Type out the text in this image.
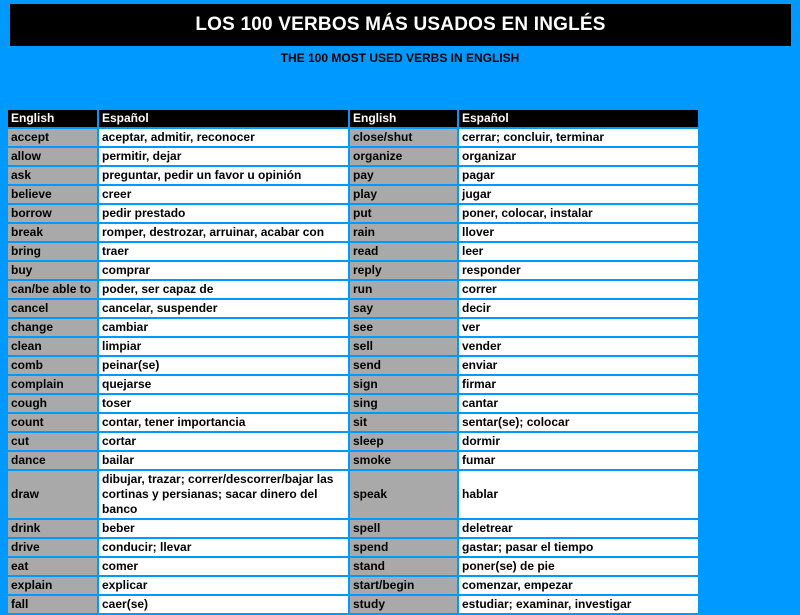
LOS 100 VERBOS MÁS USADOS EN INGLÉS
THE 100 MOST USED VERBS IN ENGLISH
English	Español	English	Español
accept	aceptar, admitir, reconocer	close/shut	cerrar; concluir, terminar
allow	permitir, dejar	organize	organizar
ask	preguntar, pedir un favor u opinión	pay	pagar
believe	creer	play	jugar
borrow	pedir prestado	put	poner, colocar, instalar
break	romper, destrozar, arruinar, acabar con	rain	llover
bring	traer	read	leer
buy	comprar	reply	responder
can/be able to	poder, ser capaz de	run	correr
cancel	cancelar, suspender	say	decir
change	cambiar	see	ver
clean	limpiar	sell	vender
comb	peinar(se)	send	enviar
complain	quejarse	sign	firmar
cough	toser	sing	cantar
count	contar, tener importancia	sit	sentar(se); colocar
cut	cortar	sleep	dormir
dance	bailar	smoke	fumar
draw	dibujar, trazar; correr/descorrer/bajar las cortinas y persianas; sacar dinero del banco	speak	hablar
drink	beber	spell	deletrear
drive	conducir; llevar	spend	gastar; pasar el tiempo
eat	comer	stand	poner(se) de pie
explain	explicar	start/begin	comenzar, empezar
fall	caer(se)	study	estudiar; examinar, investigar
